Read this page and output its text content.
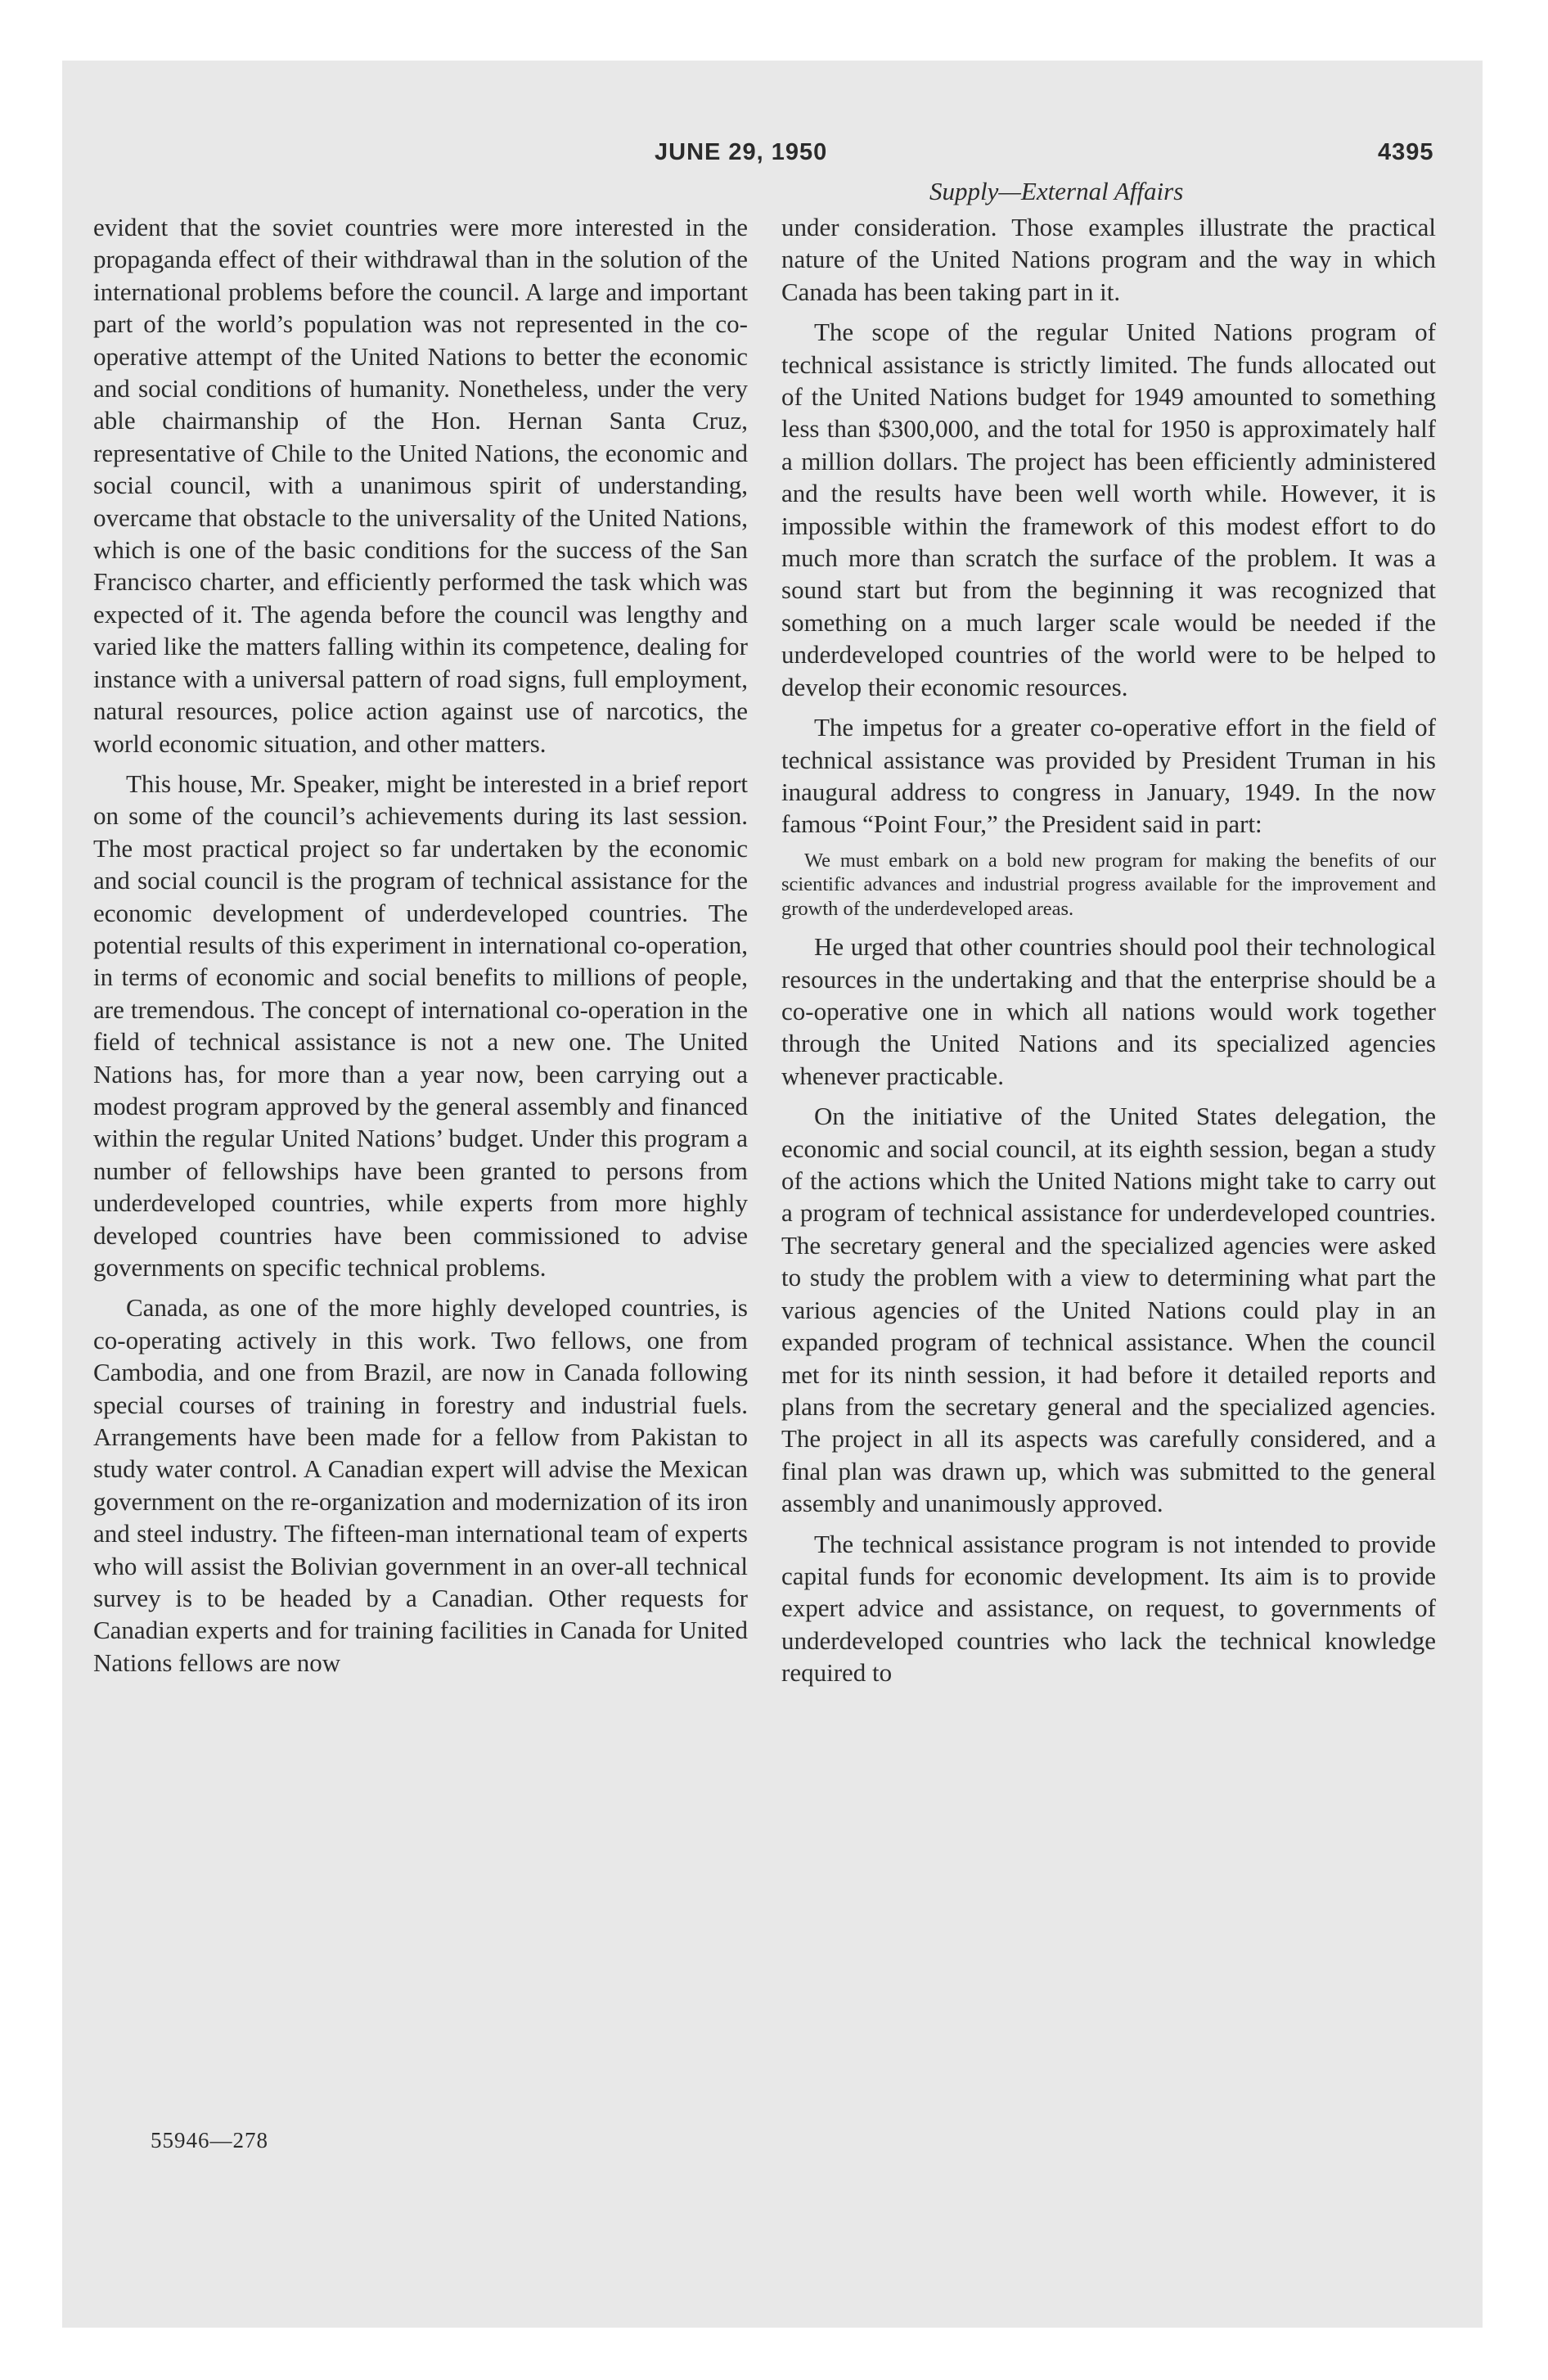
JUNE 29, 1950	4395
Supply—External Affairs

evident that the soviet countries were more interested in the propaganda effect of their withdrawal than in the solution of the international problems before the council. A large and important part of the world’s population was not represented in the co-operative attempt of the United Nations to better the economic and social conditions of humanity. Nonetheless, under the very able chairmanship of the Hon. Hernan Santa Cruz, representative of Chile to the United Nations, the economic and social council, with a unanimous spirit of understanding, overcame that obstacle to the universality of the United Nations, which is one of the basic conditions for the success of the San Francisco charter, and efficiently performed the task which was expected of it. The agenda before the council was lengthy and varied like the matters falling within its competence, dealing for instance with a universal pattern of road signs, full employment, natural resources, police action against use of narcotics, the world economic situation, and other matters.

This house, Mr. Speaker, might be interested in a brief report on some of the council’s achievements during its last session. The most practical project so far undertaken by the economic and social council is the program of technical assistance for the economic development of underdeveloped countries. The potential results of this experiment in international co-operation, in terms of economic and social benefits to millions of people, are tremendous. The concept of international co-operation in the field of technical assistance is not a new one. The United Nations has, for more than a year now, been carrying out a modest program approved by the general assembly and financed within the regular United Nations’ budget. Under this program a number of fellowships have been granted to persons from underdeveloped countries, while experts from more highly developed countries have been commissioned to advise governments on specific technical problems.

Canada, as one of the more highly developed countries, is co-operating actively in this work. Two fellows, one from Cambodia, and one from Brazil, are now in Canada following special courses of training in forestry and industrial fuels. Arrangements have been made for a fellow from Pakistan to study water control. A Canadian expert will advise the Mexican government on the re-organization and modernization of its iron and steel industry. The fifteen-man international team of experts who will assist the Bolivian government in an over-all technical survey is to be headed by a Canadian. Other requests for Canadian experts and for training facilities in Canada for United Nations fellows are now

under consideration. Those examples illustrate the practical nature of the United Nations program and the way in which Canada has been taking part in it.

The scope of the regular United Nations program of technical assistance is strictly limited. The funds allocated out of the United Nations budget for 1949 amounted to something less than $300,000, and the total for 1950 is approximately half a million dollars. The project has been efficiently administered and the results have been well worth while. However, it is impossible within the framework of this modest effort to do much more than scratch the surface of the problem. It was a sound start but from the beginning it was recognized that something on a much larger scale would be needed if the underdeveloped countries of the world were to be helped to develop their economic resources.

The impetus for a greater co-operative effort in the field of technical assistance was provided by President Truman in his inaugural address to congress in January, 1949. In the now famous “Point Four,” the President said in part:

We must embark on a bold new program for making the benefits of our scientific advances and industrial progress available for the improvement and growth of the underdeveloped areas.

He urged that other countries should pool their technological resources in the undertaking and that the enterprise should be a co-operative one in which all nations would work together through the United Nations and its specialized agencies whenever practicable.

On the initiative of the United States delegation, the economic and social council, at its eighth session, began a study of the actions which the United Nations might take to carry out a program of technical assistance for underdeveloped countries. The secretary general and the specialized agencies were asked to study the problem with a view to determining what part the various agencies of the United Nations could play in an expanded program of technical assistance. When the council met for its ninth session, it had before it detailed reports and plans from the secretary general and the specialized agencies. The project in all its aspects was carefully considered, and a final plan was drawn up, which was submitted to the general assembly and unanimously approved.

The technical assistance program is not intended to provide capital funds for economic development. Its aim is to provide expert advice and assistance, on request, to governments of underdeveloped countries who lack the technical knowledge required to

55946—278
